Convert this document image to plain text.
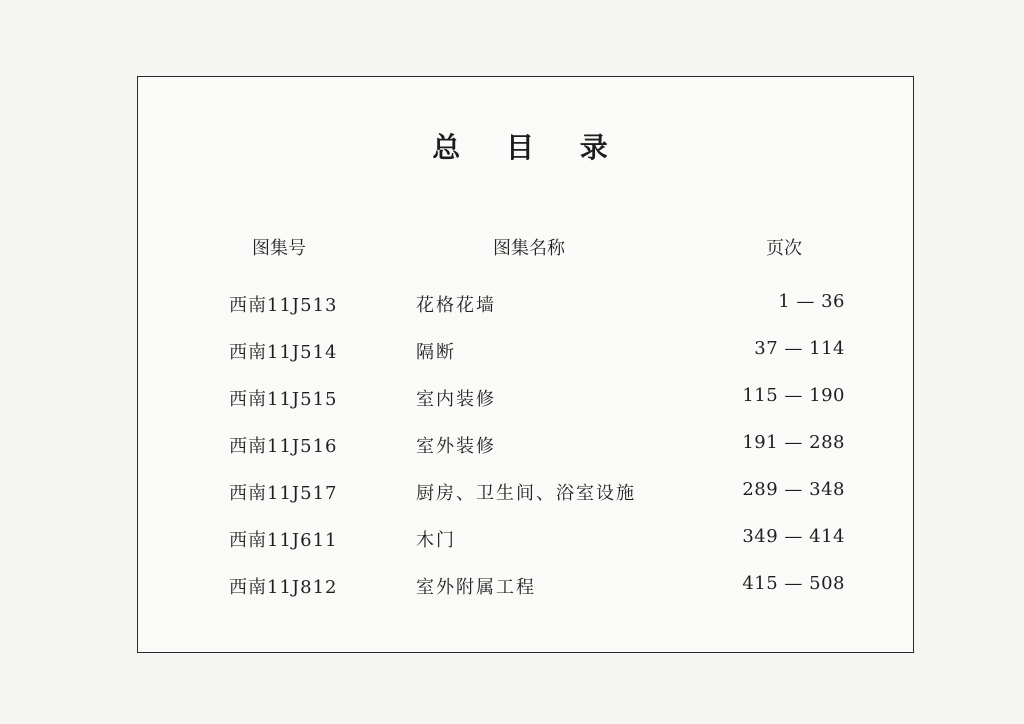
总 目 录
图集号	图集名称	页次
西南11J513	花格花墙	1 — 36
西南11J514	隔断	37 — 114
西南11J515	室内装修	115 — 190
西南11J516	室外装修	191 — 288
西南11J517	厨房、卫生间、浴室设施	289 — 348
西南11J611	木门	349 — 414
西南11J812	室外附属工程	415 — 508
